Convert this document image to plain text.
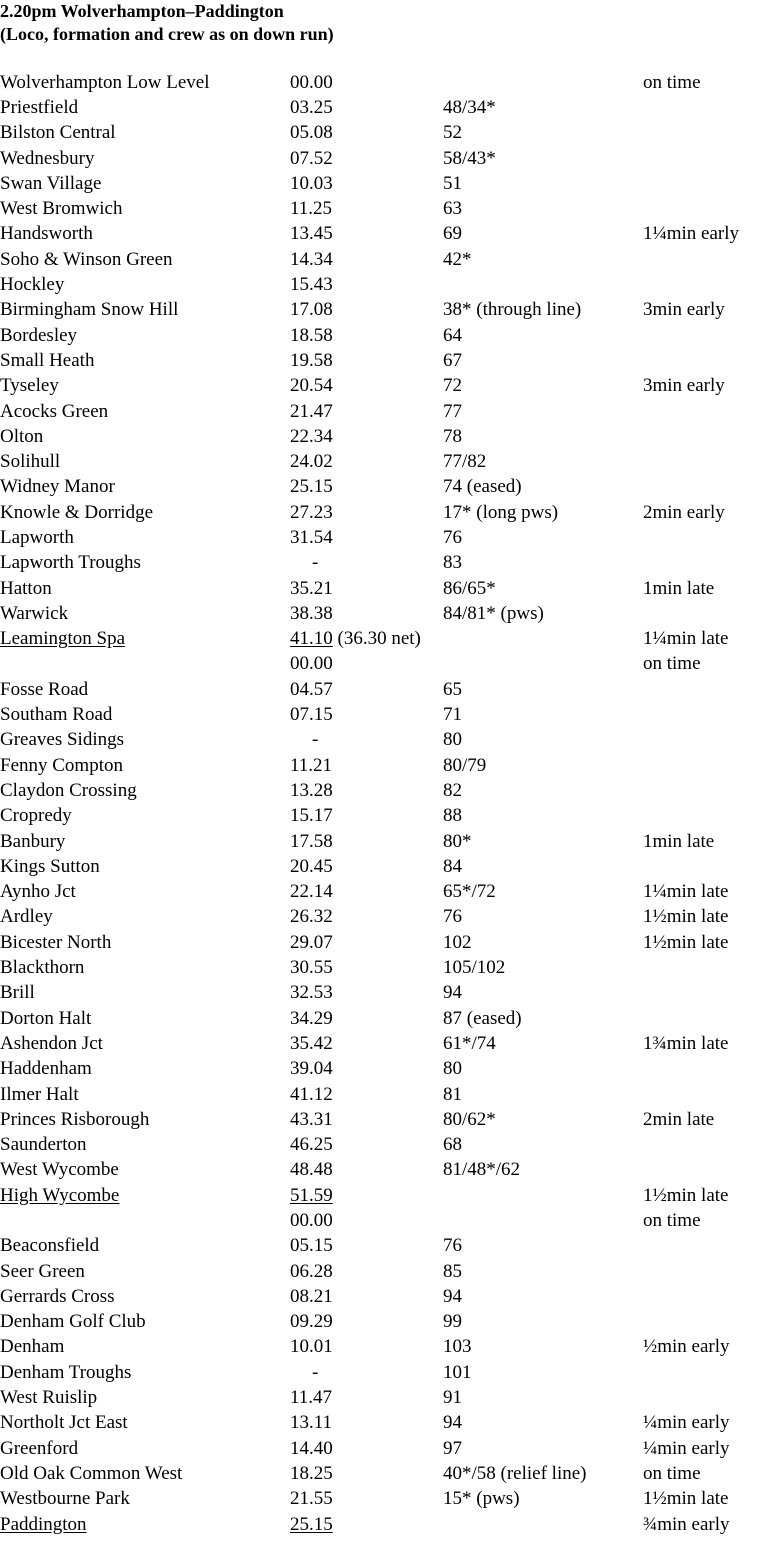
2.20pm Wolverhampton–Paddington
(Loco, formation and crew as on down run)
Wolverhampton Low Level	00.00		on time
Priestfield	03.25	48/34*	
Bilston Central	05.08	52	
Wednesbury	07.52	58/43*	
Swan Village	10.03	51	
West Bromwich	11.25	63	
Handsworth	13.45	69	1¼min early
Soho & Winson Green	14.34	42*	
Hockley	15.43		
Birmingham Snow Hill	17.08	38* (through line)	3min early
Bordesley	18.58	64	
Small Heath	19.58	67	
Tyseley	20.54	72	3min early
Acocks Green	21.47	77	
Olton	22.34	78	
Solihull	24.02	77/82	
Widney Manor	25.15	74 (eased)	
Knowle & Dorridge	27.23	17* (long pws)	2min early
Lapworth	31.54	76	
Lapworth Troughs	-	83	
Hatton	35.21	86/65*	1min late
Warwick	38.38	84/81* (pws)	
Leamington Spa	41.10 (36.30 net)		1¼min late
	00.00		on time
Fosse Road	04.57	65	
Southam Road	07.15	71	
Greaves Sidings	-	80	
Fenny Compton	11.21	80/79	
Claydon Crossing	13.28	82	
Cropredy	15.17	88	
Banbury	17.58	80*	1min late
Kings Sutton	20.45	84	
Aynho Jct	22.14	65*/72	1¼min late
Ardley	26.32	76	1½min late
Bicester North	29.07	102	1½min late
Blackthorn	30.55	105/102	
Brill	32.53	94	
Dorton Halt	34.29	87 (eased)	
Ashendon Jct	35.42	61*/74	1¾min late
Haddenham	39.04	80	
Ilmer Halt	41.12	81	
Princes Risborough	43.31	80/62*	2min late
Saunderton	46.25	68	
West Wycombe	48.48	81/48*/62	
High Wycombe	51.59		1½min late
	00.00		on time
Beaconsfield	05.15	76	
Seer Green	06.28	85	
Gerrards Cross	08.21	94	
Denham Golf Club	09.29	99	
Denham	10.01	103	½min early
Denham Troughs	-	101	
West Ruislip	11.47	91	
Northolt Jct East	13.11	94	¼min early
Greenford	14.40	97	¼min early
Old Oak Common West	18.25	40*/58 (relief line)	on time
Westbourne Park	21.55	15* (pws)	1½min late
Paddington	25.15		¾min early
